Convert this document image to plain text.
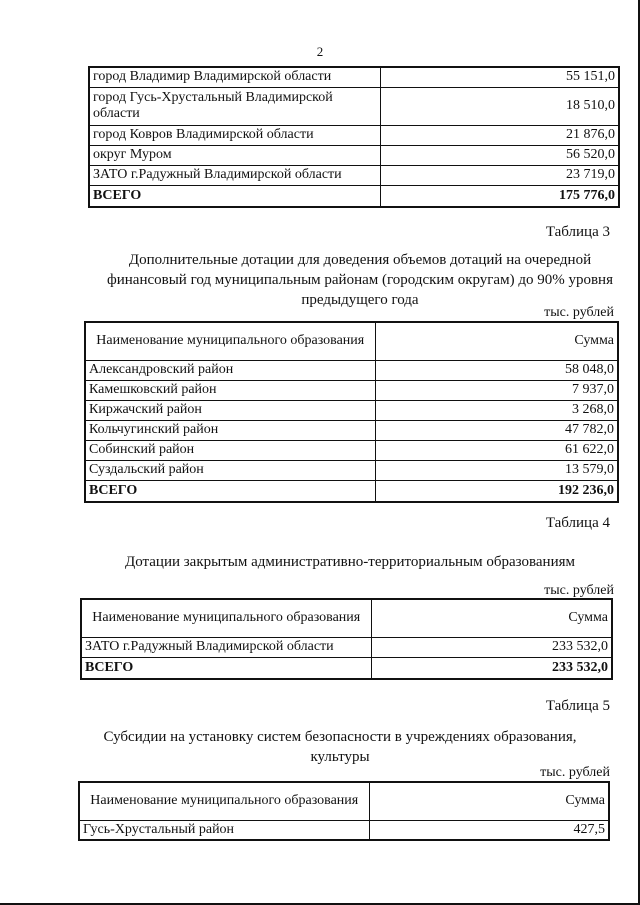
2
город Владимир Владимирской области	55 151,0
город Гусь-Хрустальный Владимирской области	18 510,0
город Ковров Владимирской области	21 876,0
округ Муром	56 520,0
ЗАТО г.Радужный Владимирской области	23 719,0
ВСЕГО	175 776,0
Таблица 3
Дополнительные дотации для доведения объемов дотаций на очередной финансовый год муниципальным районам (городским округам) до 90% уровня предыдущего года
тыс. рублей
Наименование муниципального образования	Сумма
Александровский район	58 048,0
Камешковский район	7 937,0
Киржачский район	3 268,0
Кольчугинский район	47 782,0
Собинский район	61 622,0
Суздальский район	13 579,0
ВСЕГО	192 236,0
Таблица 4
Дотации закрытым административно-территориальным образованиям
тыс. рублей
Наименование муниципального образования	Сумма
ЗАТО г.Радужный Владимирской области	233 532,0
ВСЕГО	233 532,0
Таблица 5
Субсидии на установку систем безопасности в учреждениях образования, культуры
тыс. рублей
Наименование муниципального образования	Сумма
Гусь-Хрустальный район	427,5
